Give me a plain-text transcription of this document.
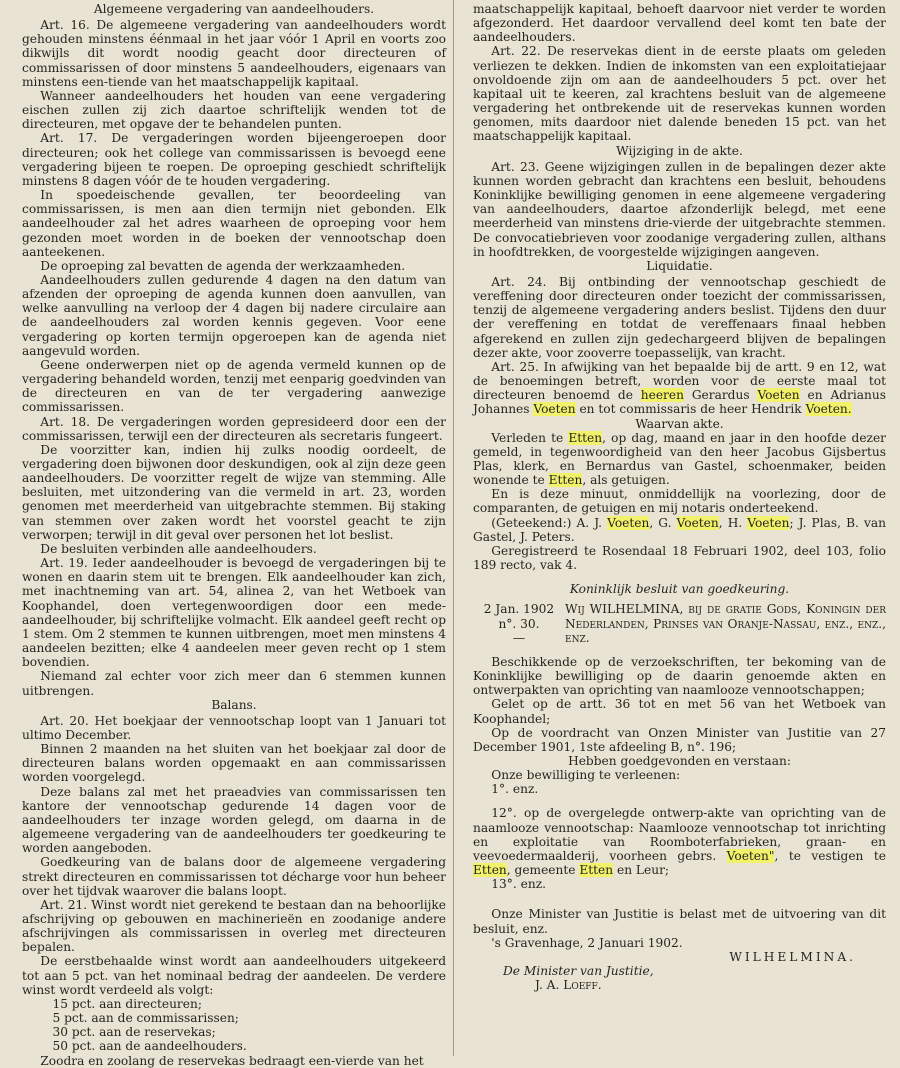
Algemeene vergadering van aandeelhouders.

Art. 16. De algemeene vergadering van aandeelhouders wordt gehouden minstens éénmaal in het jaar vóór 1 April en voorts zoo dikwijls dit wordt noodig geacht door directeuren of commissarissen of door minstens 5 aandeelhouders, eigenaars van minstens een-tiende van het maatschappelijk kapitaal.

Wanneer aandeelhouders het houden van eene vergadering eischen zullen zij zich daartoe schriftelijk wenden tot de directeuren, met opgave der te behandelen punten.

Art. 17. De vergaderingen worden bijeengeroepen door directeuren; ook het college van commissarissen is bevoegd eene vergadering bijeen te roepen. De oproeping geschiedt schriftelijk minstens 8 dagen vóór de te houden vergadering.

In spoedeischende gevallen, ter beoordeeling van commissarissen, is men aan dien termijn niet gebonden. Elk aandeelhouder zal het adres waarheen de oproeping voor hem gezonden moet worden in de boeken der vennootschap doen aanteekenen.

De oproeping zal bevatten de agenda der werkzaamheden.

Aandeelhouders zullen gedurende 4 dagen na den datum van afzenden der oproeping de agenda kunnen doen aanvullen, van welke aanvulling na verloop der 4 dagen bij nadere circulaire aan de aandeelhouders zal worden kennis gegeven. Voor eene vergadering op korten termijn opgeroepen kan de agenda niet aangevuld worden.

Geene onderwerpen niet op de agenda vermeld kunnen op de vergadering behandeld worden, tenzij met eenparig goedvinden van de directeuren en van de ter vergadering aanwezige commissarissen.

Art. 18. De vergaderingen worden gepresideerd door een der commissarissen, terwijl een der directeuren als secretaris fungeert.

De voorzitter kan, indien hij zulks noodig oordeelt, de vergadering doen bijwonen door deskundigen, ook al zijn deze geen aandeelhouders. De voorzitter regelt de wijze van stemming. Alle besluiten, met uitzondering van die vermeld in art. 23, worden genomen met meerderheid van uitgebrachte stemmen. Bij staking van stemmen over zaken wordt het voorstel geacht te zijn verworpen; terwijl in dit geval over personen het lot beslist.

De besluiten verbinden alle aandeelhouders.

Art. 19. Ieder aandeelhouder is bevoegd de vergaderingen bij te wonen en daarin stem uit te brengen. Elk aandeelhouder kan zich, met inachtneming van art. 54, alinea 2, van het Wetboek van Koophandel, doen vertegenwoordigen door een mede-aandeelhouder, bij schriftelijke volmacht. Elk aandeel geeft recht op 1 stem. Om 2 stemmen te kunnen uitbrengen, moet men minstens 4 aandeelen bezitten; elke 4 aandeelen meer geven recht op 1 stem bovendien.

Niemand zal echter voor zich meer dan 6 stemmen kunnen uitbrengen.

Balans.

Art. 20. Het boekjaar der vennootschap loopt van 1 Januari tot ultimo December.

Binnen 2 maanden na het sluiten van het boekjaar zal door de directeuren balans worden opgemaakt en aan commissarissen worden voorgelegd.

Deze balans zal met het praeadvies van commissarissen ten kantore der vennootschap gedurende 14 dagen voor de aandeelhouders ter inzage worden gelegd, om daarna in de algemeene vergadering van de aandeelhouders ter goedkeuring te worden aangeboden.

Goedkeuring van de balans door de algemeene vergadering strekt directeuren en commissarissen tot décharge voor hun beheer over het tijdvak waarover die balans loopt.

Art. 21. Winst wordt niet gerekend te bestaan dan na behoorlijke afschrijving op gebouwen en machinerieën en zoodanige andere afschrijvingen als commissarissen in overleg met directeuren bepalen.

De eerstbehaalde winst wordt aan aandeelhouders uitgekeerd tot aan 5 pct. van het nominaal bedrag der aandeelen. De verdere winst wordt verdeeld als volgt:

15 pct. aan directeuren;
5 pct. aan de commissarissen;
30 pct. aan de reservekas;
50 pct. aan de aandeelhouders.

Zoodra en zoolang de reservekas bedraagt een-vierde van het

maatschappelijk kapitaal, behoeft daarvoor niet verder te worden afgezonderd. Het daardoor vervallend deel komt ten bate der aandeelhouders.

Art. 22. De reservekas dient in de eerste plaats om geleden verliezen te dekken. Indien de inkomsten van een exploitatiejaar onvoldoende zijn om aan de aandeelhouders 5 pct. over het kapitaal uit te keeren, zal krachtens besluit van de algemeene vergadering het ontbrekende uit de reservekas kunnen worden genomen, mits daardoor niet dalende beneden 15 pct. van het maatschappelijk kapitaal.

Wijziging in de akte.

Art. 23. Geene wijzigingen zullen in de bepalingen dezer akte kunnen worden gebracht dan krachtens een besluit, behoudens Koninklijke bewilliging genomen in eene algemeene vergadering van aandeelhouders, daartoe afzonderlijk belegd, met eene meerderheid van minstens drie-vierde der uitgebrachte stemmen. De convocatiebrieven voor zoodanige vergadering zullen, althans in hoofdtrekken, de voorgestelde wijzigingen aangeven.

Liquidatie.

Art. 24. Bij ontbinding der vennootschap geschiedt de vereffening door directeuren onder toezicht der commissarissen, tenzij de algemeene vergadering anders beslist. Tijdens den duur der vereffening en totdat de vereffenaars finaal hebben afgerekend en zullen zijn gedechargeerd blijven de bepalingen dezer akte, voor zooverre toepasselijk, van kracht.

Art. 25. In afwijking van het bepaalde bij de artt. 9 en 12, wat de benoemingen betreft, worden voor de eerste maal tot directeuren benoemd de heeren Gerardus Voeten en Adrianus Johannes Voeten en tot commissaris de heer Hendrik Voeten.

Waarvan akte.

Verleden te Etten, op dag, maand en jaar in den hoofde dezer gemeld, in tegenwoordigheid van den heer Jacobus Gijsbertus Plas, klerk, en Bernardus van Gastel, schoenmaker, beiden wonende te Etten, als getuigen.

En is deze minuut, onmiddellijk na voorlezing, door de comparanten, de getuigen en mij notaris onderteekend.

(Geteekend:) A. J. Voeten, G. Voeten, H. Voeten; J. Plas, B. van Gastel, J. Peters.

Geregistreerd te Rosendaal 18 Februari 1902, deel 103, folio 189 recto, vak 4.

Koninklijk besluit van goedkeuring.
2 Jan. 1902
n°. 30.
—
Wij WILHELMINA, bij de gratie Gods, Koningin der Nederlanden, Prinses van Oranje-Nassau, enz., enz., enz.

Beschikkende op de verzoekschriften, ter bekoming van de Koninklijke bewilliging op de daarin genoemde akten en ontwerpakten van oprichting van naamlooze vennootschappen;

Gelet op de artt. 36 tot en met 56 van het Wetboek van Koophandel;

Op de voordracht van Onzen Minister van Justitie van 27 December 1901, 1ste afdeeling B, n°. 196;

Hebben goedgevonden en verstaan:

Onze bewilliging te verleenen:

1°. enz.

12°. op de overgelegde ontwerp-akte van oprichting van de naamlooze vennootschap: Naamlooze vennootschap tot inrichting en exploitatie van Roomboterfabrieken, graan- en veevoedermaalderij, voorheen gebrs. Voeten", te vestigen te Etten, gemeente Etten en Leur;

13°. enz.

Onze Minister van Justitie is belast met de uitvoering van dit besluit, enz.

's Gravenhage, 2 Januari 1902.

WILHELMINA.
De Minister van Justitie,
J. A. Loeff.
